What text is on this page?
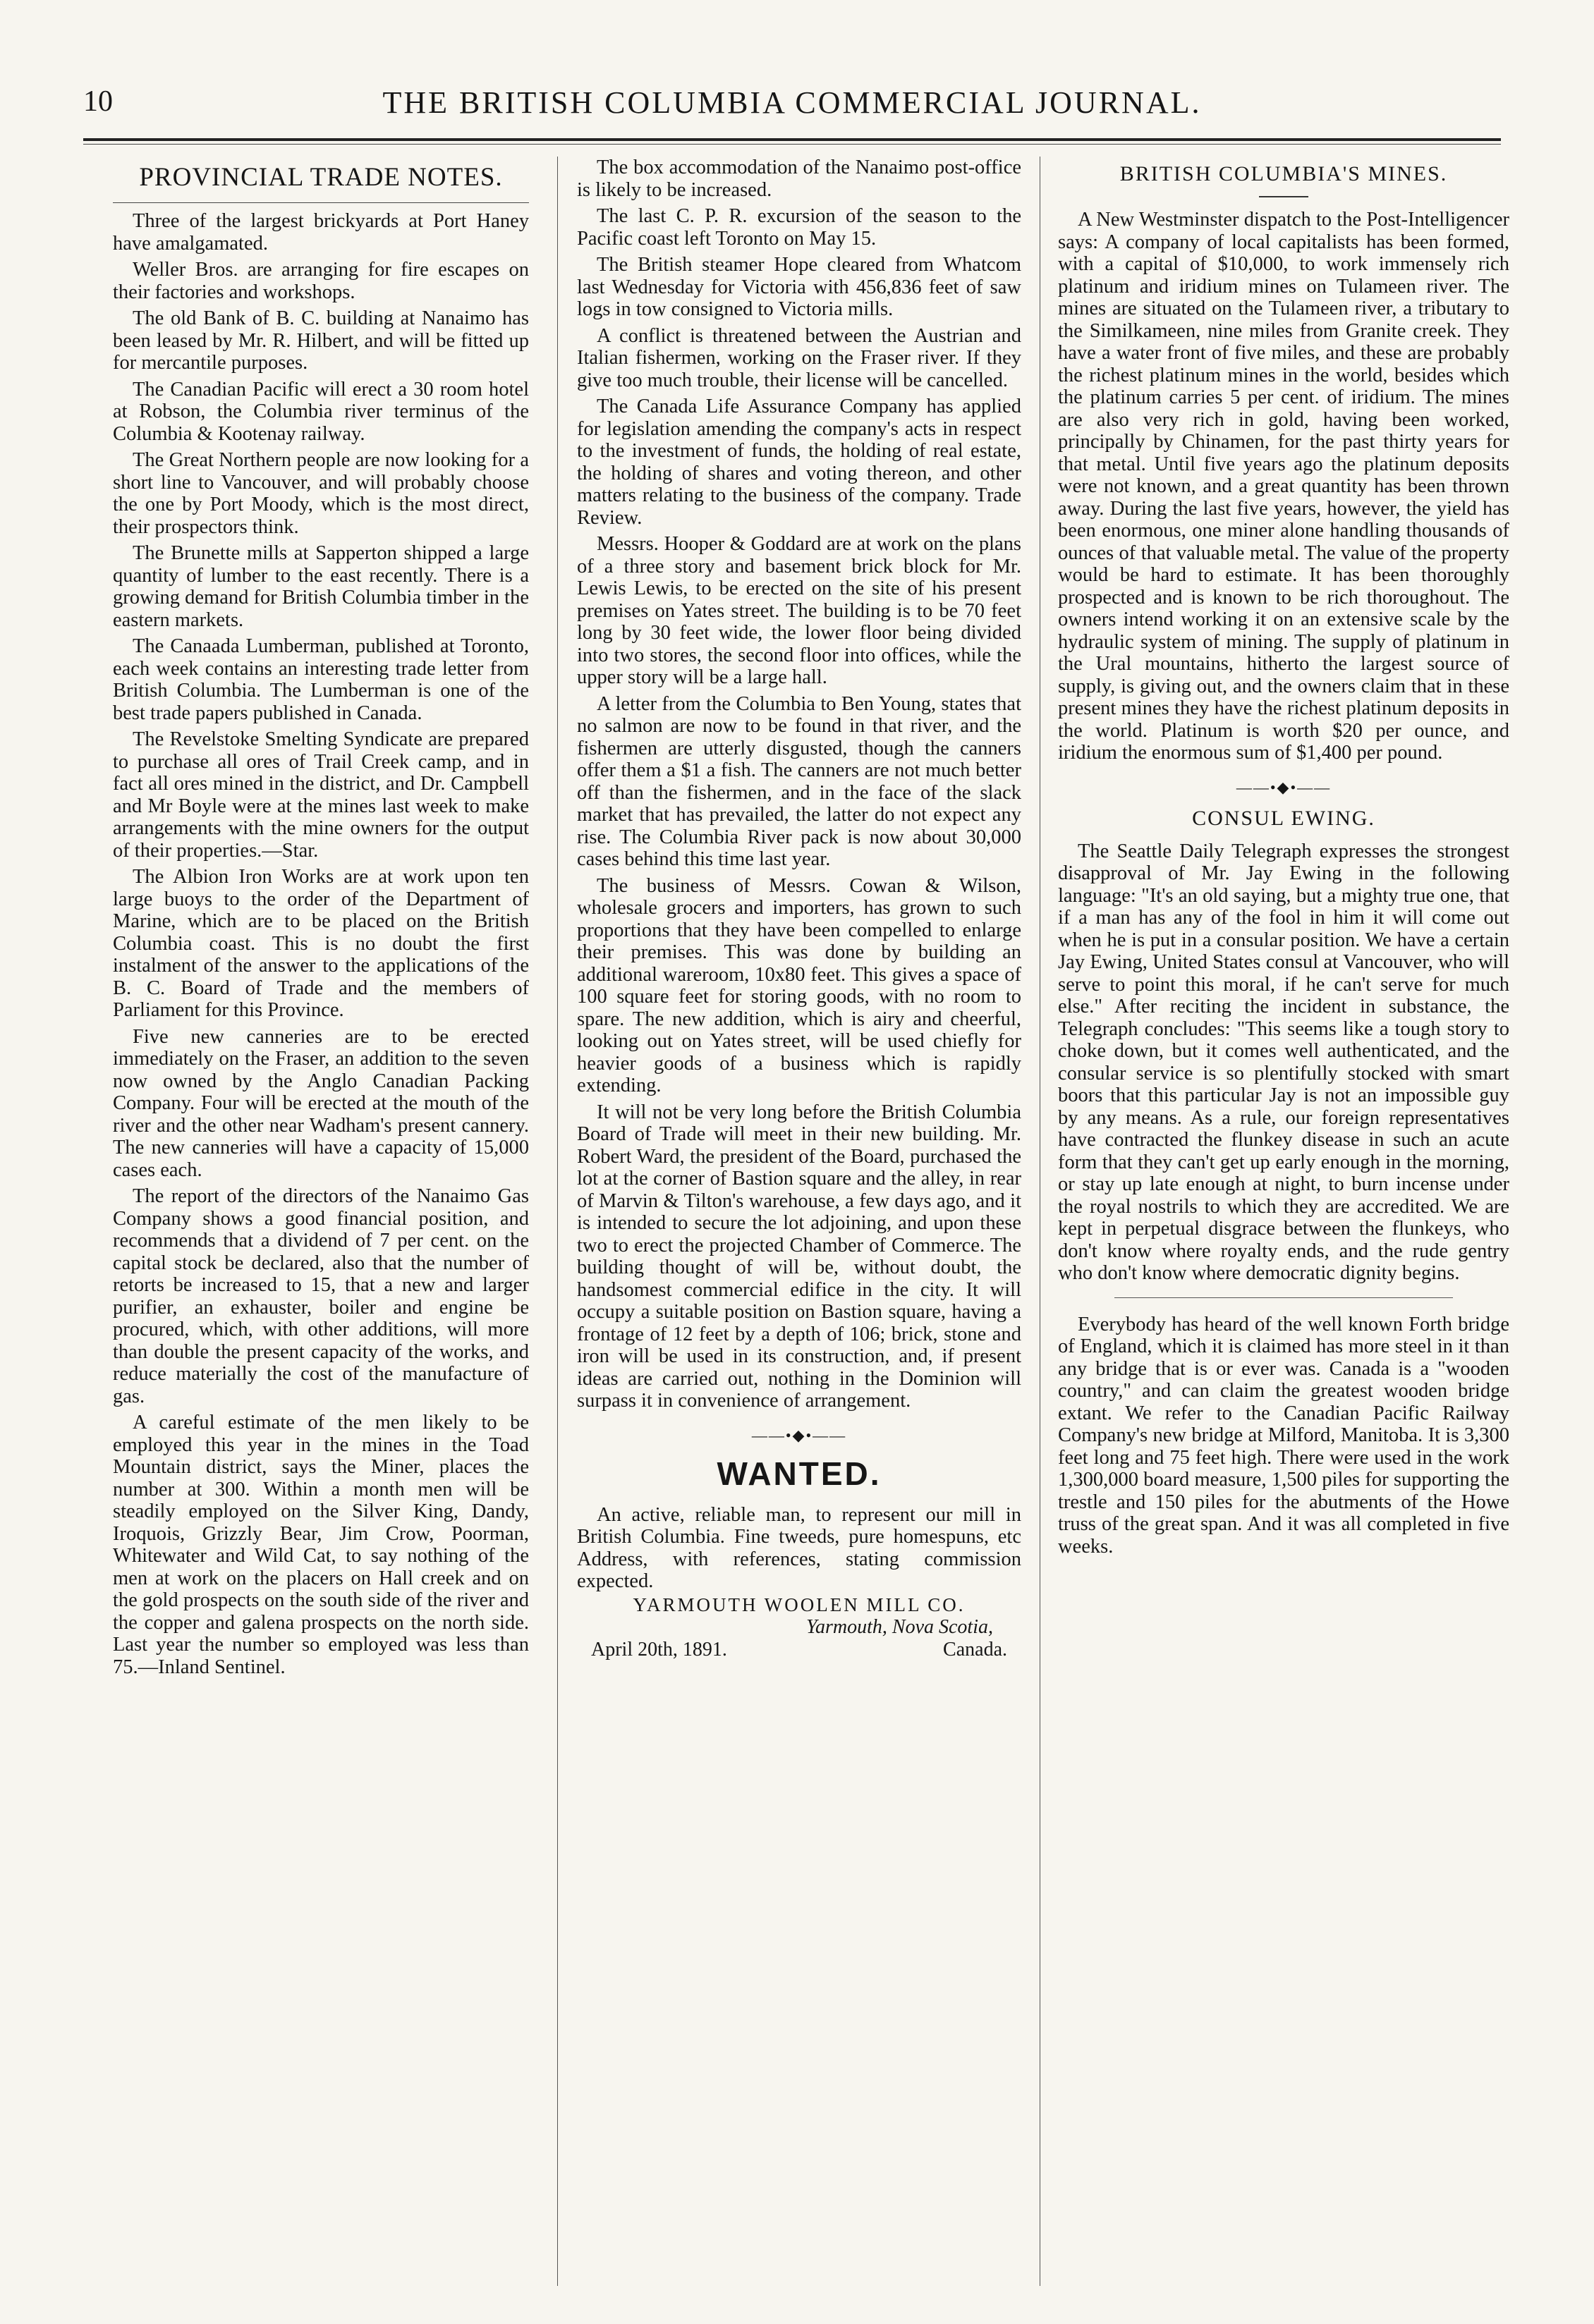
10	THE BRITISH COLUMBIA COMMERCIAL JOURNAL.
PROVINCIAL TRADE NOTES.

Three of the largest brickyards at Port Haney have amalgamated.

Weller Bros. are arranging for fire escapes on their factories and workshops.

The old Bank of B. C. building at Nanaimo has been leased by Mr. R. Hilbert, and will be fitted up for mercantile purposes.

The Canadian Pacific will erect a 30 room hotel at Robson, the Columbia river terminus of the Columbia & Kootenay railway.

The Great Northern people are now looking for a short line to Vancouver, and will probably choose the one by Port Moody, which is the most direct, their prospectors think.

The Brunette mills at Sapperton shipped a large quantity of lumber to the east recently. There is a growing demand for British Columbia timber in the eastern markets.

The Canaada Lumberman, published at Toronto, each week contains an interesting trade letter from British Columbia. The Lumberman is one of the best trade papers published in Canada.

The Revelstoke Smelting Syndicate are prepared to purchase all ores of Trail Creek camp, and in fact all ores mined in the district, and Dr. Campbell and Mr Boyle were at the mines last week to make arrangements with the mine owners for the output of their properties.—Star.

The Albion Iron Works are at work upon ten large buoys to the order of the Department of Marine, which are to be placed on the British Columbia coast. This is no doubt the first instalment of the answer to the applications of the B. C. Board of Trade and the members of Parliament for this Province.

Five new canneries are to be erected immediately on the Fraser, an addition to the seven now owned by the Anglo Canadian Packing Company. Four will be erected at the mouth of the river and the other near Wadham's present cannery. The new canneries will have a capacity of 15,000 cases each.

The report of the directors of the Nanaimo Gas Company shows a good financial position, and recommends that a dividend of 7 per cent. on the capital stock be declared, also that the number of retorts be increased to 15, that a new and larger purifier, an exhauster, boiler and engine be procured, which, with other additions, will more than double the present capacity of the works, and reduce materially the cost of the manufacture of gas.

A careful estimate of the men likely to be employed this year in the mines in the Toad Mountain district, says the Miner, places the number at 300. Within a month men will be steadily employed on the Silver King, Dandy, Iroquois, Grizzly Bear, Jim Crow, Poorman, Whitewater and Wild Cat, to say nothing of the men at work on the placers on Hall creek and on the gold prospects on the south side of the river and the copper and galena prospects on the north side. Last year the number so employed was less than 75.—Inland Sentinel.

The box accommodation of the Nanaimo post-office is likely to be increased.

The last C. P. R. excursion of the season to the Pacific coast left Toronto on May 15.

The British steamer Hope cleared from Whatcom last Wednesday for Victoria with 456,836 feet of saw logs in tow consigned to Victoria mills.

A conflict is threatened between the Austrian and Italian fishermen, working on the Fraser river. If they give too much trouble, their license will be cancelled.

The Canada Life Assurance Company has applied for legislation amending the company's acts in respect to the investment of funds, the holding of real estate, the holding of shares and voting thereon, and other matters relating to the business of the company. Trade Review.

Messrs. Hooper & Goddard are at work on the plans of a three story and basement brick block for Mr. Lewis Lewis, to be erected on the site of his present premises on Yates street. The building is to be 70 feet long by 30 feet wide, the lower floor being divided into two stores, the second floor into offices, while the upper story will be a large hall.

A letter from the Columbia to Ben Young, states that no salmon are now to be found in that river, and the fishermen are utterly disgusted, though the canners offer them a $1 a fish. The canners are not much better off than the fishermen, and in the face of the slack market that has prevailed, the latter do not expect any rise. The Columbia River pack is now about 30,000 cases behind this time last year.

The business of Messrs. Cowan & Wilson, wholesale grocers and importers, has grown to such proportions that they have been compelled to enlarge their premises. This was done by building an additional wareroom, 10x80 feet. This gives a space of 100 square feet for storing goods, with no room to spare. The new addition, which is airy and cheerful, looking out on Yates street, will be used chiefly for heavier goods of a business which is rapidly extending.

It will not be very long before the British Columbia Board of Trade will meet in their new building. Mr. Robert Ward, the president of the Board, purchased the lot at the corner of Bastion square and the alley, in rear of Marvin & Tilton's warehouse, a few days ago, and it is intended to secure the lot adjoining, and upon these two to erect the projected Chamber of Commerce. The building thought of will be, without doubt, the handsomest commercial edifice in the city. It will occupy a suitable position on Bastion square, having a frontage of 12 feet by a depth of 106; brick, stone and iron will be used in its construction, and, if present ideas are carried out, nothing in the Dominion will surpass it in convenience of arrangement.

——•◆•——
WANTED.

An active, reliable man, to represent our mill in British Columbia. Fine tweeds, pure homespuns, etc Address, with references, stating commission expected.

YARMOUTH WOOLEN MILL CO.
Yarmouth, Nova Scotia,
April 20th, 1891.	Canada.
BRITISH COLUMBIA'S MINES.

A New Westminster dispatch to the Post-Intelligencer says: A company of local capitalists has been formed, with a capital of $10,000, to work immensely rich platinum and iridium mines on Tulameen river. The mines are situated on the Tulameen river, a tributary to the Similkameen, nine miles from Granite creek. They have a water front of five miles, and these are probably the richest platinum mines in the world, besides which the platinum carries 5 per cent. of iridium. The mines are also very rich in gold, having been worked, principally by Chinamen, for the past thirty years for that metal. Until five years ago the platinum deposits were not known, and a great quantity has been thrown away. During the last five years, however, the yield has been enormous, one miner alone handling thousands of ounces of that valuable metal. The value of the property would be hard to estimate. It has been thoroughly prospected and is known to be rich thoroughout. The owners intend working it on an extensive scale by the hydraulic system of mining. The supply of platinum in the Ural mountains, hitherto the largest source of supply, is giving out, and the owners claim that in these present mines they have the richest platinum deposits in the world. Platinum is worth $20 per ounce, and iridium the enormous sum of $1,400 per pound.

——•◆•——
CONSUL EWING.

The Seattle Daily Telegraph expresses the strongest disapproval of Mr. Jay Ewing in the following language: "It's an old saying, but a mighty true one, that if a man has any of the fool in him it will come out when he is put in a consular position. We have a certain Jay Ewing, United States consul at Vancouver, who will serve to point this moral, if he can't serve for much else." After reciting the incident in substance, the Telegraph concludes: "This seems like a tough story to choke down, but it comes well authenticated, and the consular service is so plentifully stocked with smart boors that this particular Jay is not an impossible guy by any means. As a rule, our foreign representatives have contracted the flunkey disease in such an acute form that they can't get up early enough in the morning, or stay up late enough at night, to burn incense under the royal nostrils to which they are accredited. We are kept in perpetual disgrace between the flunkeys, who don't know where royalty ends, and the rude gentry who don't know where democratic dignity begins.

Everybody has heard of the well known Forth bridge of England, which it is claimed has more steel in it than any bridge that is or ever was. Canada is a "wooden country," and can claim the greatest wooden bridge extant. We refer to the Canadian Pacific Railway Company's new bridge at Milford, Manitoba. It is 3,300 feet long and 75 feet high. There were used in the work 1,300,000 board measure, 1,500 piles for supporting the trestle and 150 piles for the abutments of the Howe truss of the great span. And it was all completed in five weeks.
